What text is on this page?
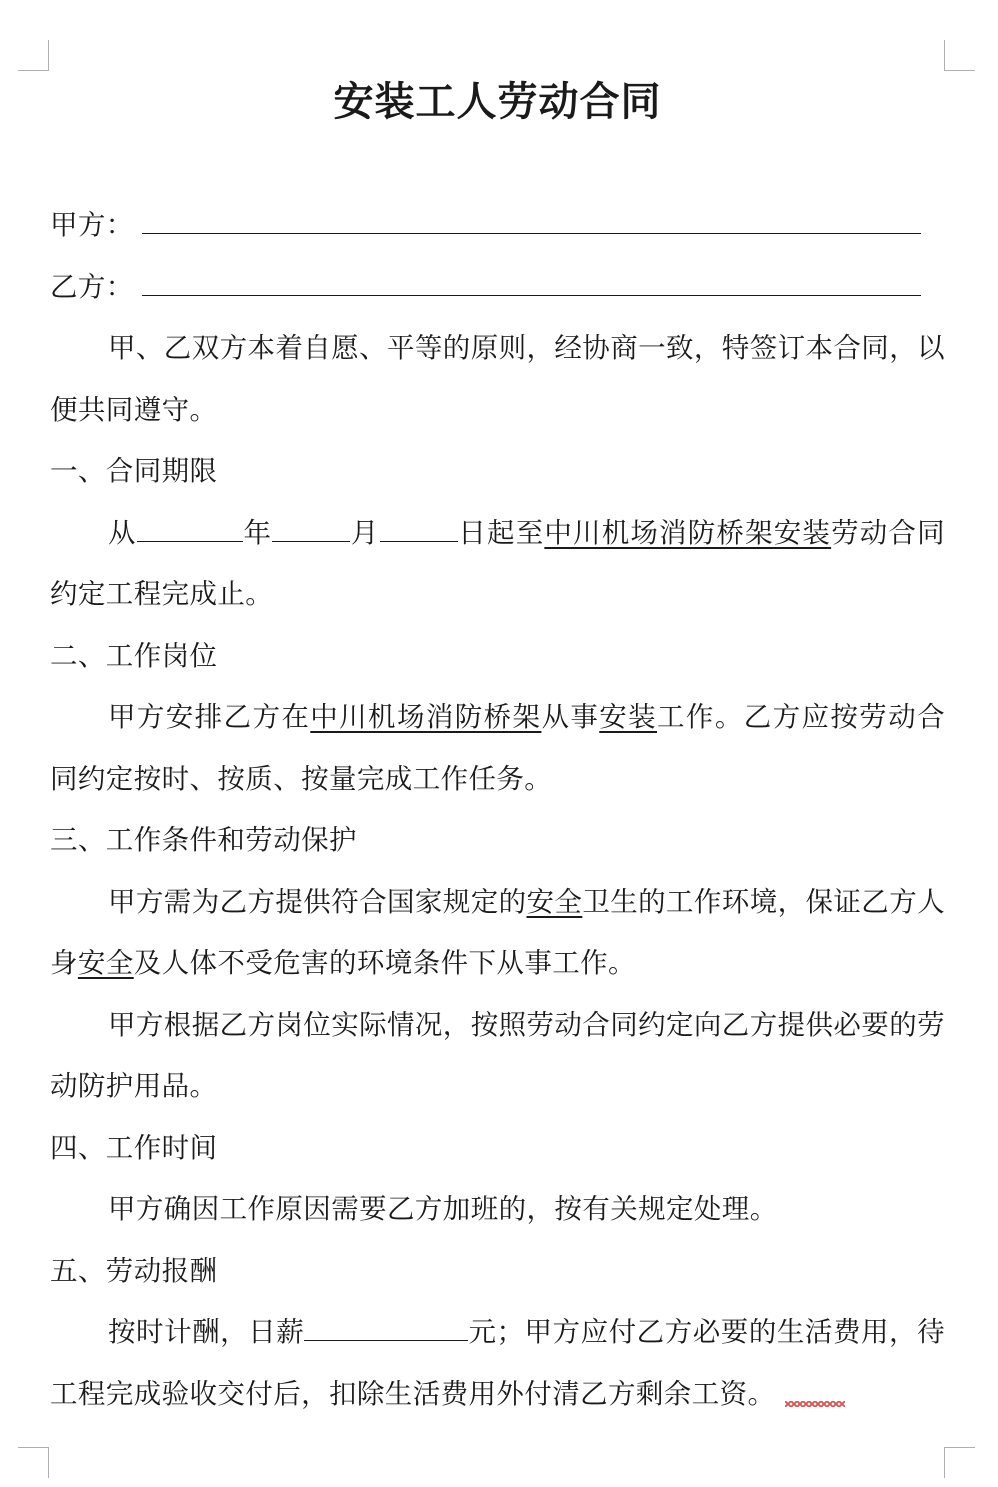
安装工人劳动合同
甲方：
乙方：

甲、乙双方本着自愿、平等的原则，经协商一致，特签订本合同，以便共同遵守。

一、合同期限

从	年	月	日起至中川机场消防桥架安装劳动合同约定工程完成止。

二、工作岗位

甲方安排乙方在中川机场消防桥架从事安装工作。乙方应按劳动合同约定按时、按质、按量完成工作任务。

三、工作条件和劳动保护

甲方需为乙方提供符合国家规定的安全卫生的工作环境，保证乙方人身安全及人体不受危害的环境条件下从事工作。

甲方根据乙方岗位实际情况，按照劳动合同约定向乙方提供必要的劳动防护用品。

四、工作时间

甲方确因工作原因需要乙方加班的，按有关规定处理。

五、劳动报酬

按时计酬，日薪	元；甲方应付乙方必要的生活费用，待工程完成验收交付后，扣除生活费用外付清乙方剩余工资。
